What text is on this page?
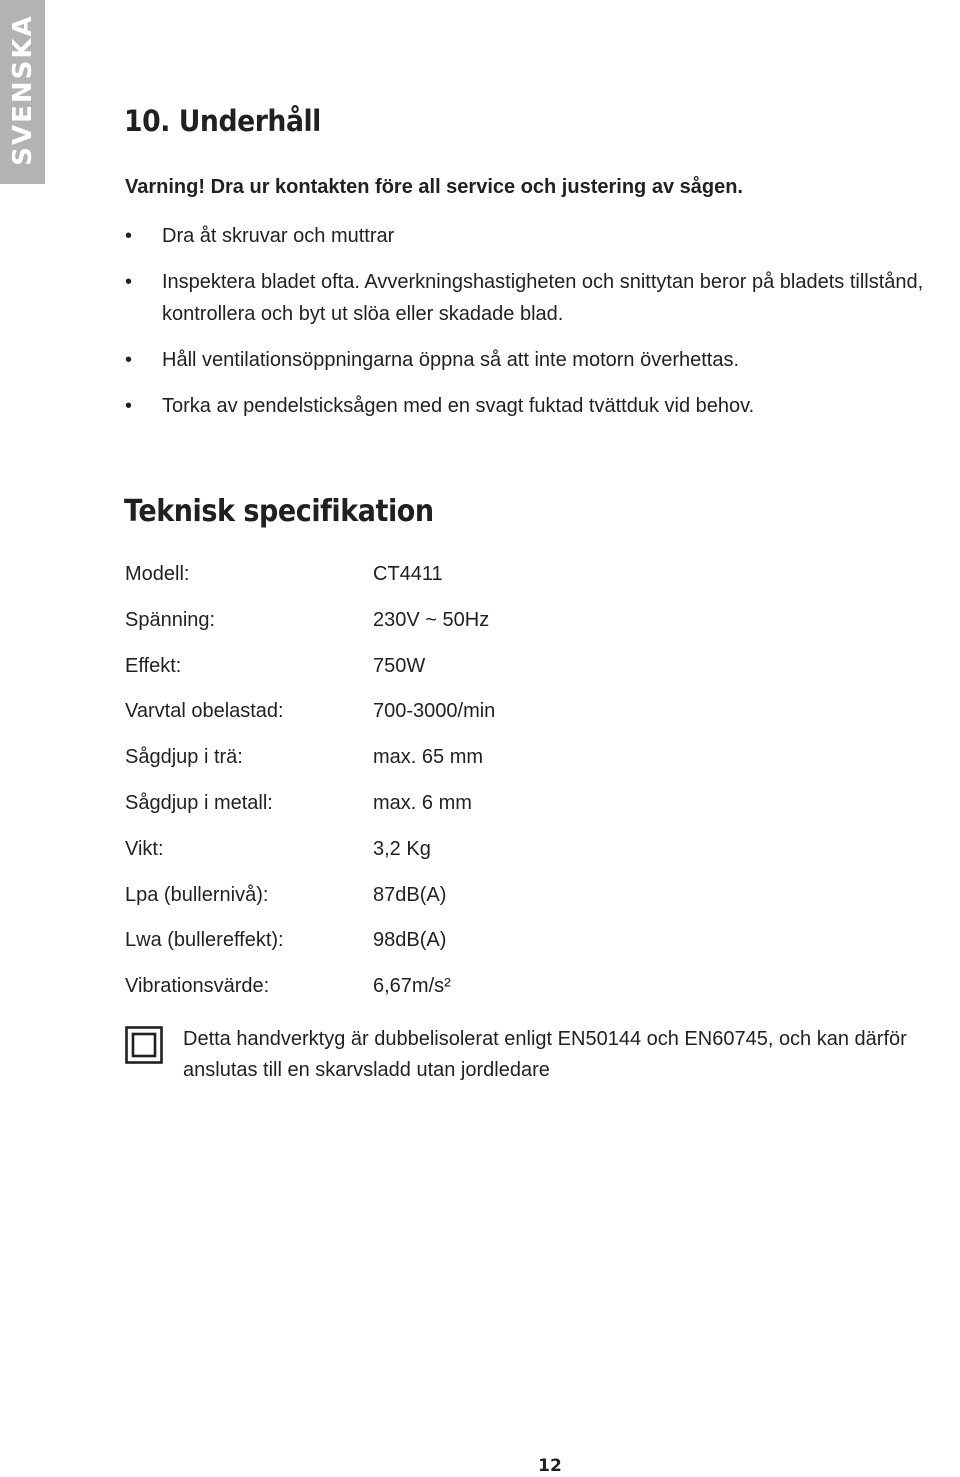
SVENSKA	10. Underhåll
Varning! Dra ur kontakten före all service och justering av sågen.
• Dra åt skruvar och muttrar
• Inspektera bladet ofta. Avverkningshastigheten och snittytan beror på bladets tillstånd, kontrollera och byt ut slöa eller skadade blad.
• Håll ventilationsöppningarna öppna så att inte motorn överhettas.
• Torka av pendelsticksågen med en svagt fuktad tvättduk vid behov.
Teknisk specifikation
Modell:	CT4411
Spänning:	230V ~ 50Hz
Effekt:	750W
Varvtal obelastad:	700-3000/min
Sågdjup i trä:	max. 65 mm
Sågdjup i metall:	max. 6 mm
Vikt:	3,2 Kg
Lpa (bullernivå):	87dB(A)
Lwa (bullereffekt):	98dB(A)
Vibrationsvärde:	6,67m/s²
Detta handverktyg är dubbelisolerat enligt EN50144 och EN60745, och kan därför anslutas till en skarvsladd utan jordledare
12
